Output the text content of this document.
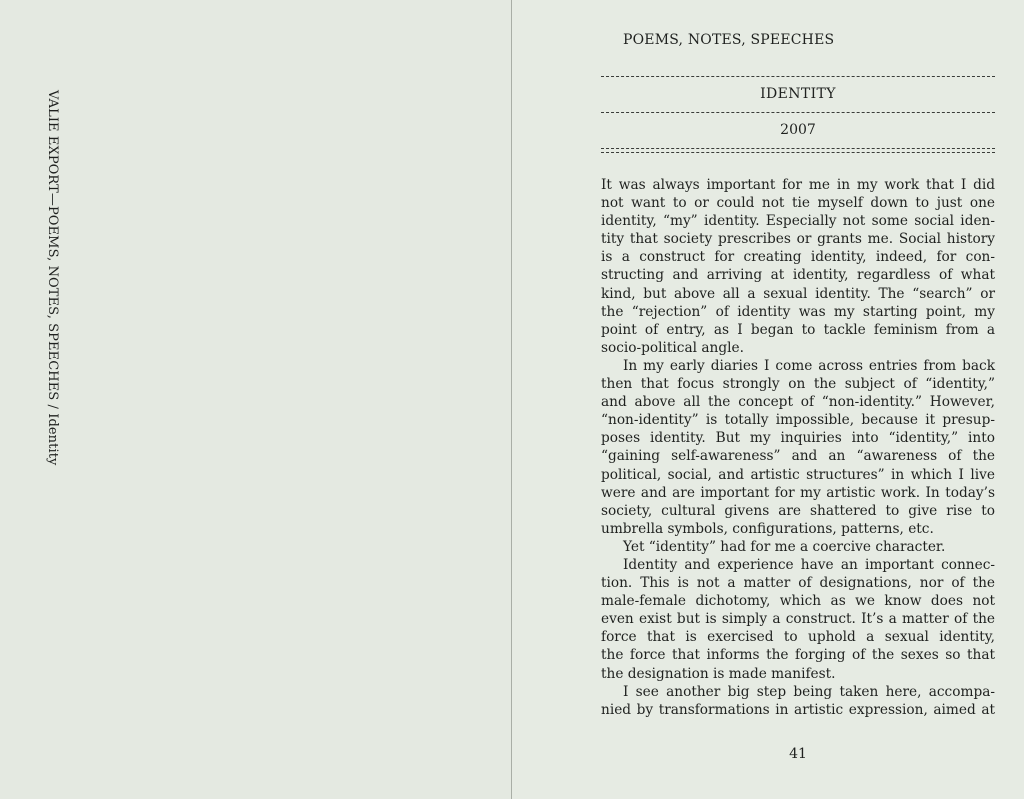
VALIE EXPORT—POEMS, NOTES, SPEECHES / Identity
POEMS, NOTES, SPEECHES
IDENTITY
2007
It was always important for me in my work that I did
not want to or could not tie myself down to just one
identity, “my” identity. Especially not some social iden-
tity that society prescribes or grants me. Social history
is a construct for creating identity, indeed, for con-
structing and arriving at identity, regardless of what
kind, but above all a sexual identity. The “search” or
the “rejection” of identity was my starting point, my
point of entry, as I began to tackle feminism from a
socio-political angle.
In my early diaries I come across entries from back
then that focus strongly on the subject of “identity,”
and above all the concept of “non-identity.” However,
“non-identity” is totally impossible, because it presup-
poses identity. But my inquiries into “identity,” into
“gaining self-awareness” and an “awareness of the
political, social, and artistic structures” in which I live
were and are important for my artistic work. In today’s
society, cultural givens are shattered to give rise to
umbrella symbols, configurations, patterns, etc.
Yet “identity” had for me a coercive character.
Identity and experience have an important connec-
tion. This is not a matter of designations, nor of the
male-female dichotomy, which as we know does not
even exist but is simply a construct. It’s a matter of the
force that is exercised to uphold a sexual identity,
the force that informs the forging of the sexes so that
the designation is made manifest.
I see another big step being taken here, accompa-
nied by transformations in artistic expression, aimed at
41
